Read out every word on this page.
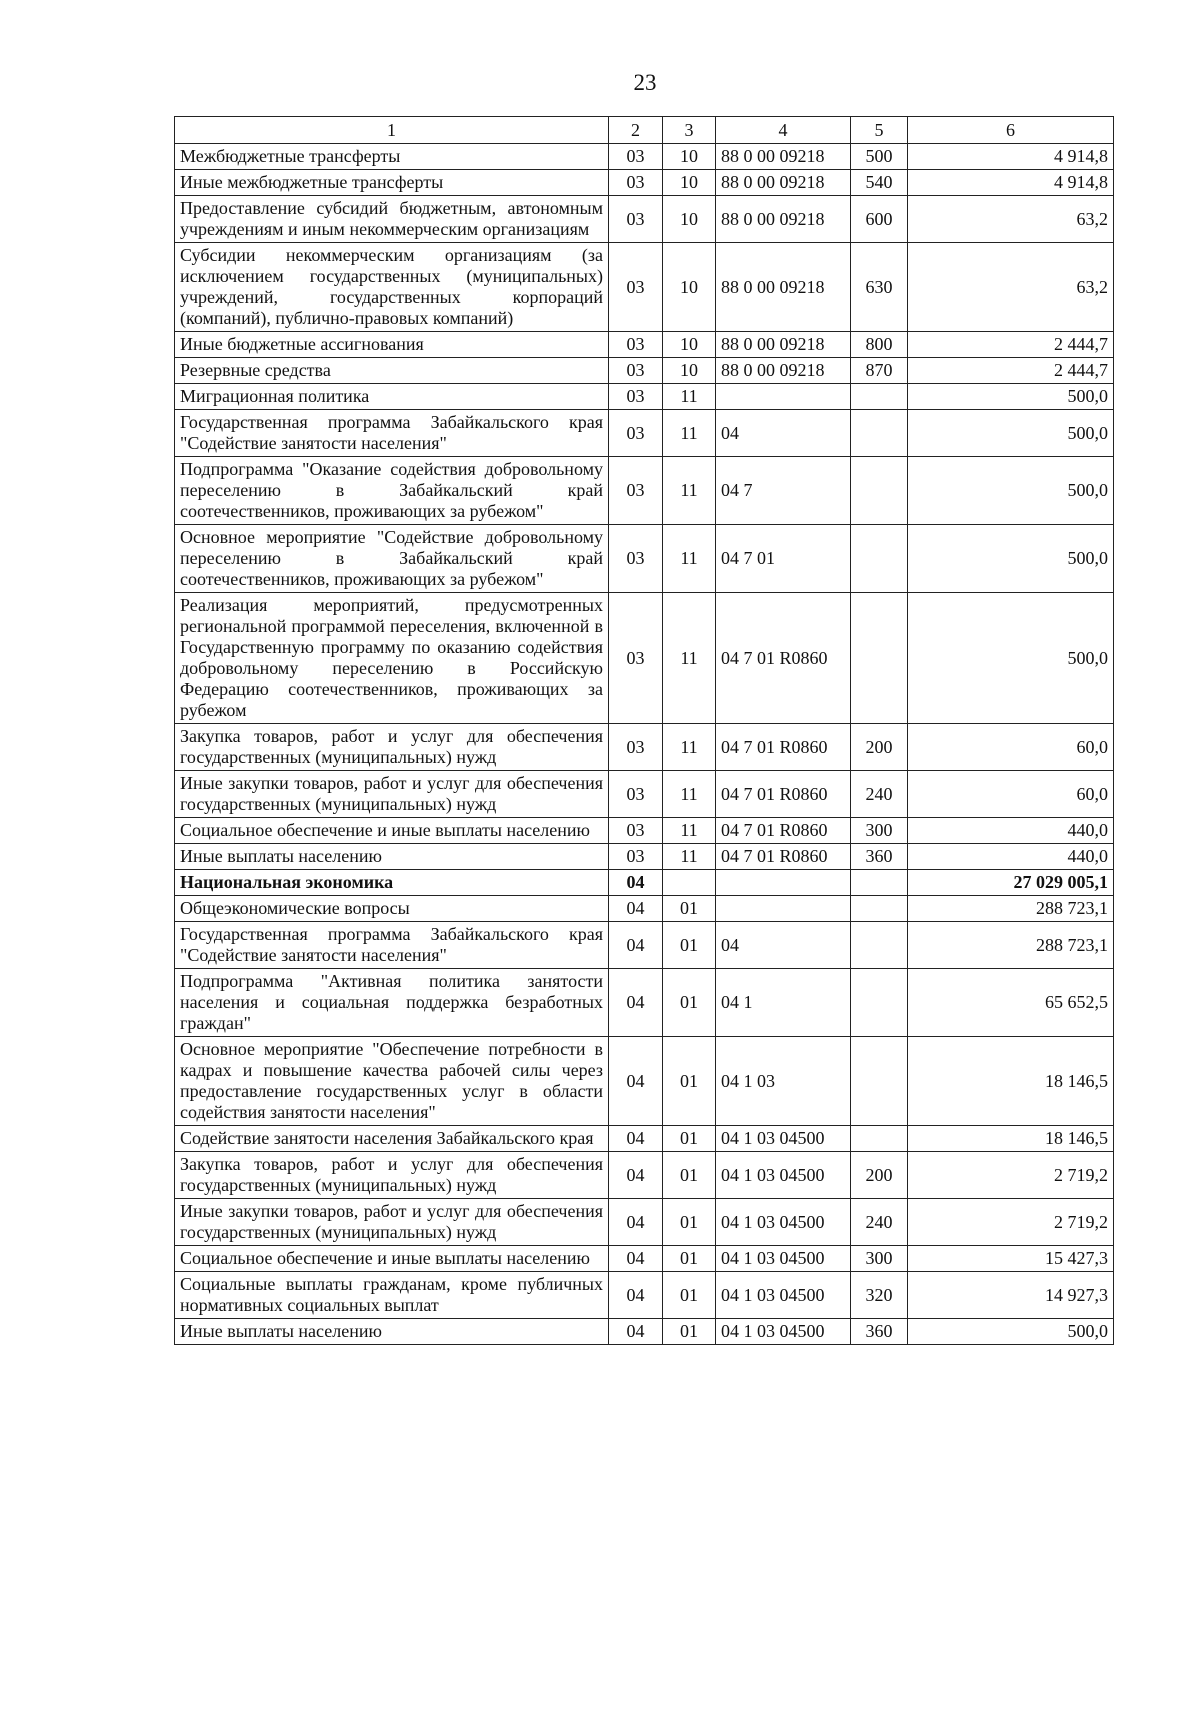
23
1	2	3	4	5	6
Межбюджетные трансферты	03	10	88 0 00 09218	500	4 914,8
Иные межбюджетные трансферты	03	10	88 0 00 09218	540	4 914,8
Предоставление субсидий бюджетным, автономным учреждениям и иным некоммерческим организациям	03	10	88 0 00 09218	600	63,2
Субсидии некоммерческим организациям (за исключением государственных (муниципальных) учреждений, государственных корпораций (компаний), публично-правовых компаний)	03	10	88 0 00 09218	630	63,2
Иные бюджетные ассигнования	03	10	88 0 00 09218	800	2 444,7
Резервные средства	03	10	88 0 00 09218	870	2 444,7
Миграционная политика	03	11			500,0
Государственная программа Забайкальского края "Содействие занятости населения"	03	11	04		500,0
Подпрограмма "Оказание содействия добровольному переселению в Забайкальский край соотечественников, проживающих за рубежом"	03	11	04 7		500,0
Основное мероприятие "Содействие добровольному переселению в Забайкальский край соотечественников, проживающих за рубежом"	03	11	04 7 01		500,0
Реализация мероприятий, предусмотренных региональной программой переселения, включенной в Государственную программу по оказанию содействия добровольному переселению в Российскую Федерацию соотечественников, проживающих за рубежом	03	11	04 7 01 R0860		500,0
Закупка товаров, работ и услуг для обеспечения государственных (муниципальных) нужд	03	11	04 7 01 R0860	200	60,0
Иные закупки товаров, работ и услуг для обеспечения государственных (муниципальных) нужд	03	11	04 7 01 R0860	240	60,0
Социальное обеспечение и иные выплаты населению	03	11	04 7 01 R0860	300	440,0
Иные выплаты населению	03	11	04 7 01 R0860	360	440,0
Национальная экономика	04				27 029 005,1
Общеэкономические вопросы	04	01			288 723,1
Государственная программа Забайкальского края "Содействие занятости населения"	04	01	04		288 723,1
Подпрограмма "Активная политика занятости населения и социальная поддержка безработных граждан"	04	01	04 1		65 652,5
Основное мероприятие "Обеспечение потребности в кадрах и повышение качества рабочей силы через предоставление государственных услуг в области содействия занятости населения"	04	01	04 1 03		18 146,5
Содействие занятости населения Забайкальского края	04	01	04 1 03 04500		18 146,5
Закупка товаров, работ и услуг для обеспечения государственных (муниципальных) нужд	04	01	04 1 03 04500	200	2 719,2
Иные закупки товаров, работ и услуг для обеспечения государственных (муниципальных) нужд	04	01	04 1 03 04500	240	2 719,2
Социальное обеспечение и иные выплаты населению	04	01	04 1 03 04500	300	15 427,3
Социальные выплаты гражданам, кроме публичных нормативных социальных выплат	04	01	04 1 03 04500	320	14 927,3
Иные выплаты населению	04	01	04 1 03 04500	360	500,0
